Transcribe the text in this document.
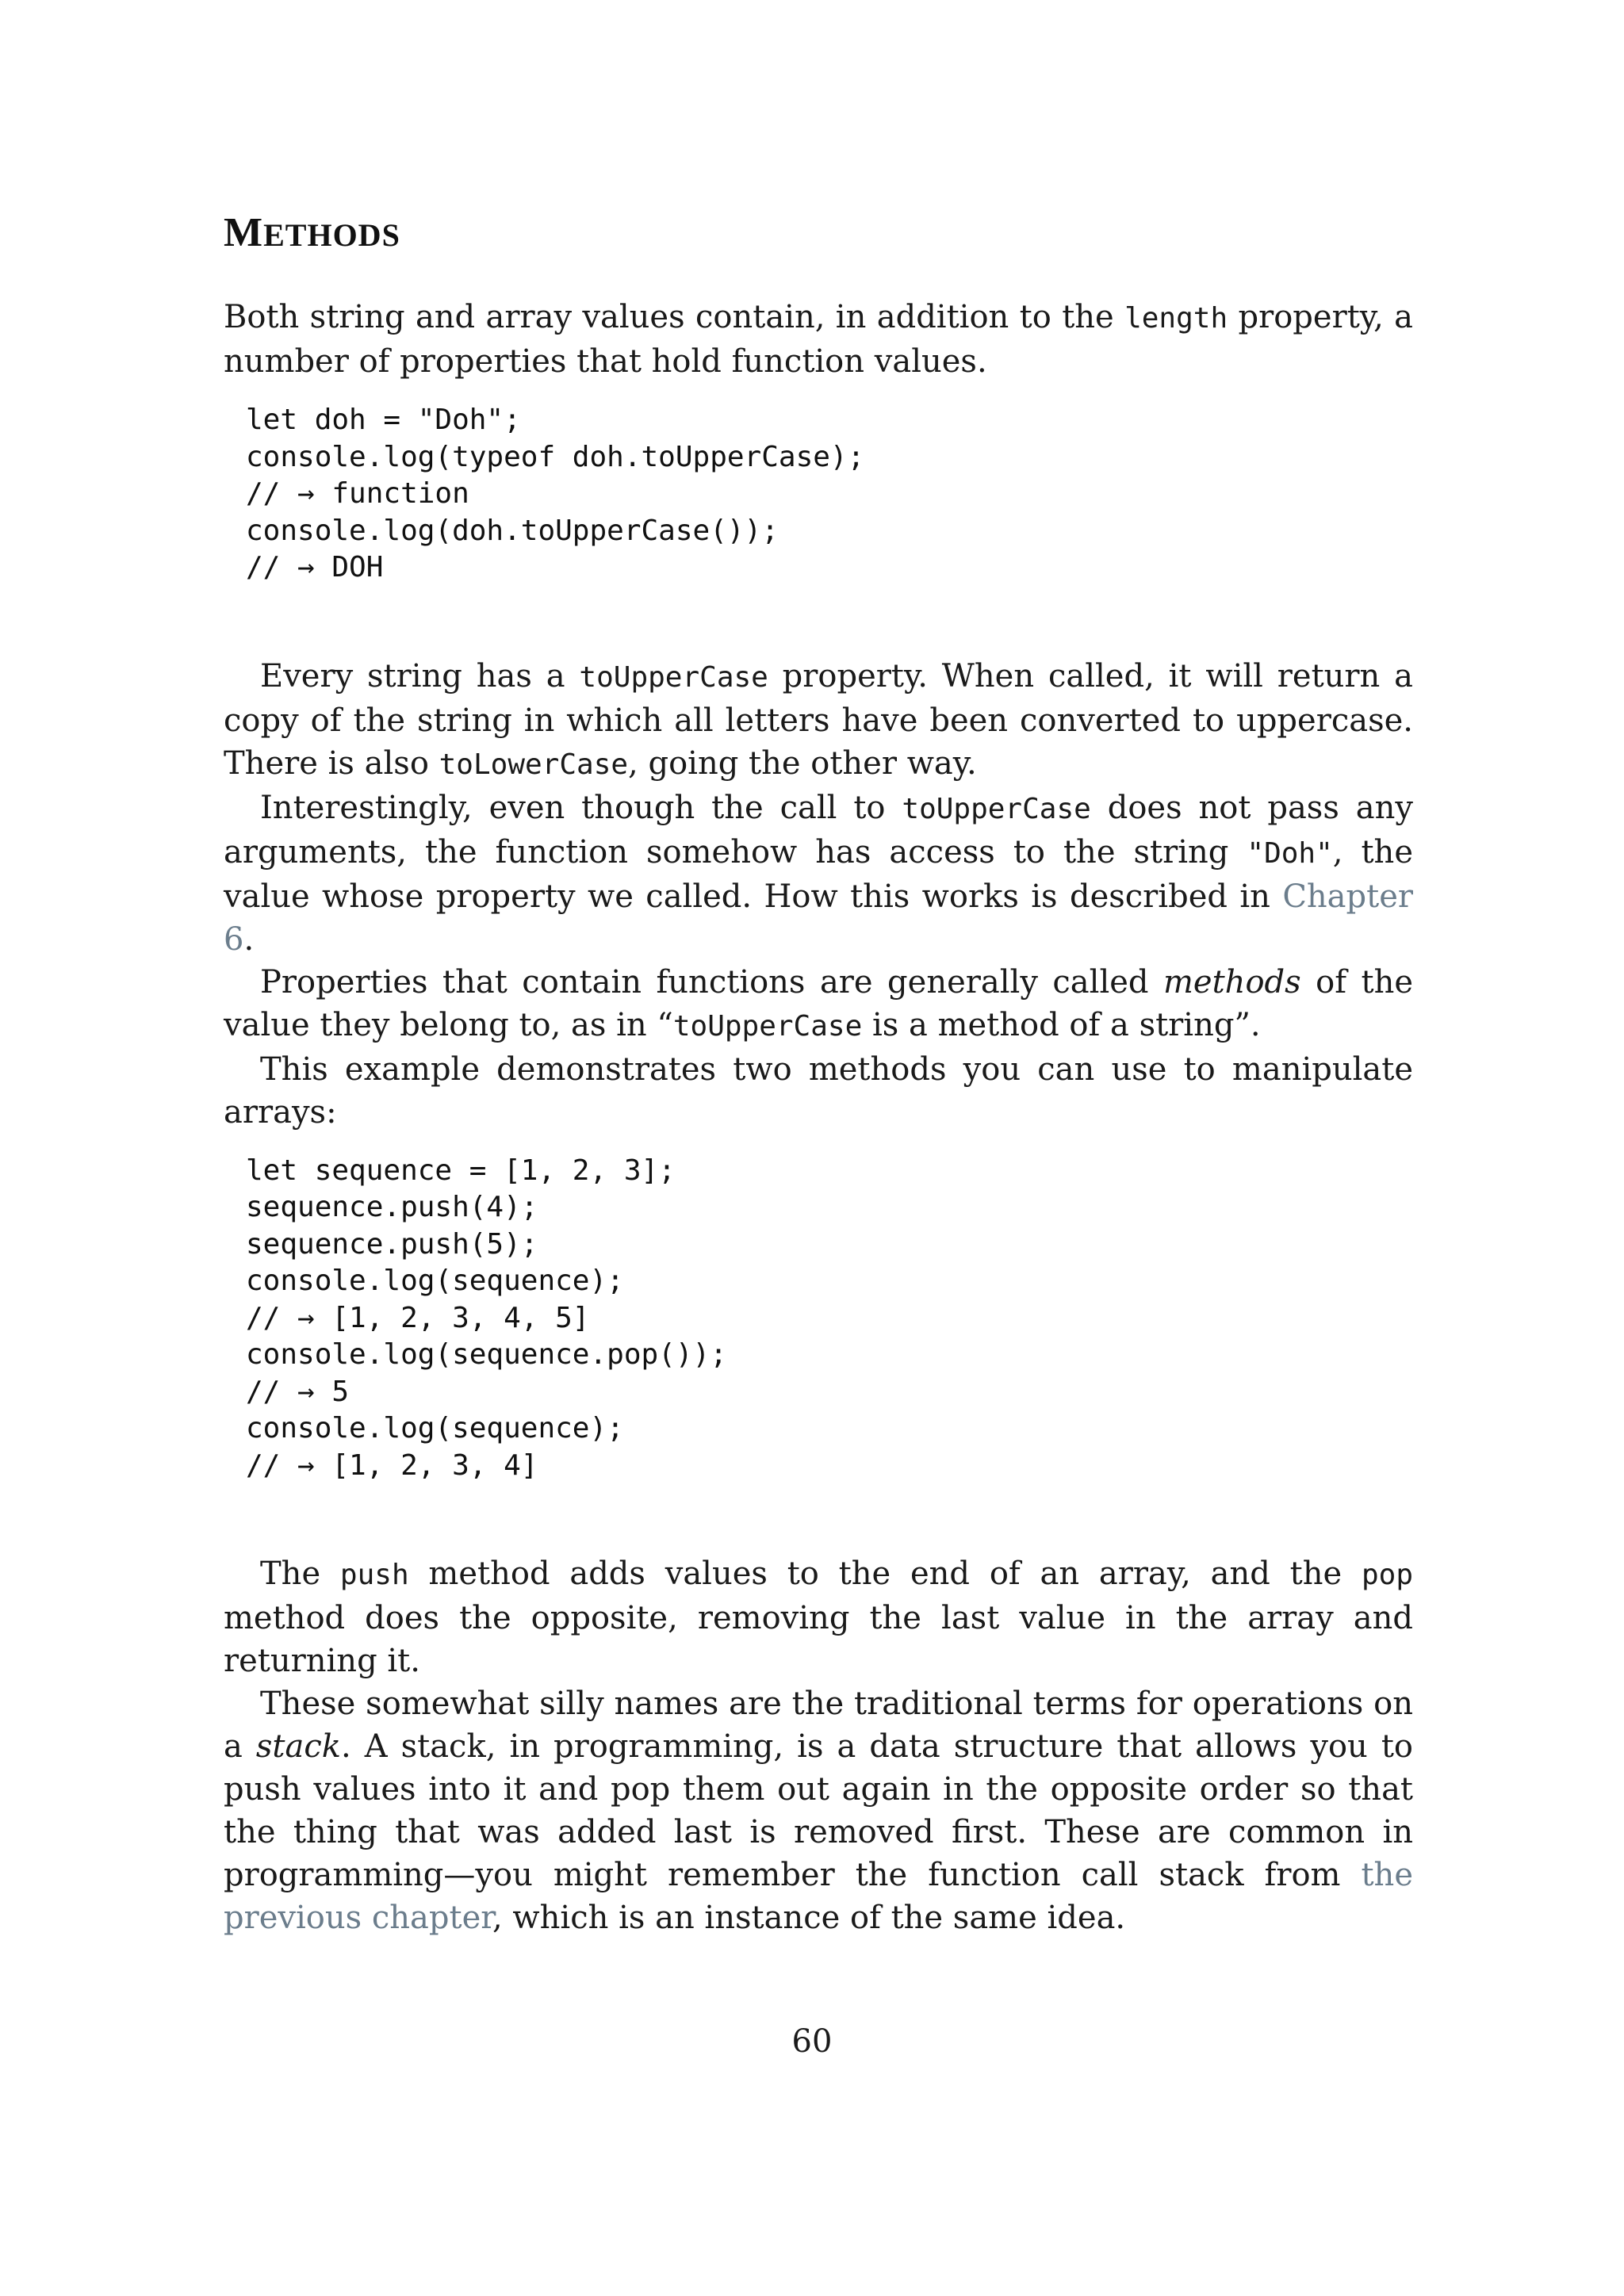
METHODS

Both string and array values contain, in addition to the length property, a number of properties that hold function values.

let doh = "Doh";
console.log(typeof doh.toUpperCase);
// → function
console.log(doh.toUpperCase());
// → DOH

Every string has a toUpperCase property. When called, it will return a copy of the string in which all letters have been converted to uppercase. There is also toLowerCase, going the other way.

Interestingly, even though the call to toUpperCase does not pass any arguments, the function somehow has access to the string "Doh", the value whose property we called. How this works is described in Chapter 6.

Properties that contain functions are generally called methods of the value they belong to, as in “toUpperCase is a method of a string”.

This example demonstrates two methods you can use to manipulate arrays:

let sequence = [1, 2, 3];
sequence.push(4);
sequence.push(5);
console.log(sequence);
// → [1, 2, 3, 4, 5]
console.log(sequence.pop());
// → 5
console.log(sequence);
// → [1, 2, 3, 4]

The push method adds values to the end of an array, and the pop method does the opposite, removing the last value in the array and returning it.

These somewhat silly names are the traditional terms for operations on a stack. A stack, in programming, is a data structure that allows you to push values into it and pop them out again in the opposite order so that the thing that was added last is removed first. These are common in programming—you might remember the function call stack from the previous chapter, which is an instance of the same idea.

60
